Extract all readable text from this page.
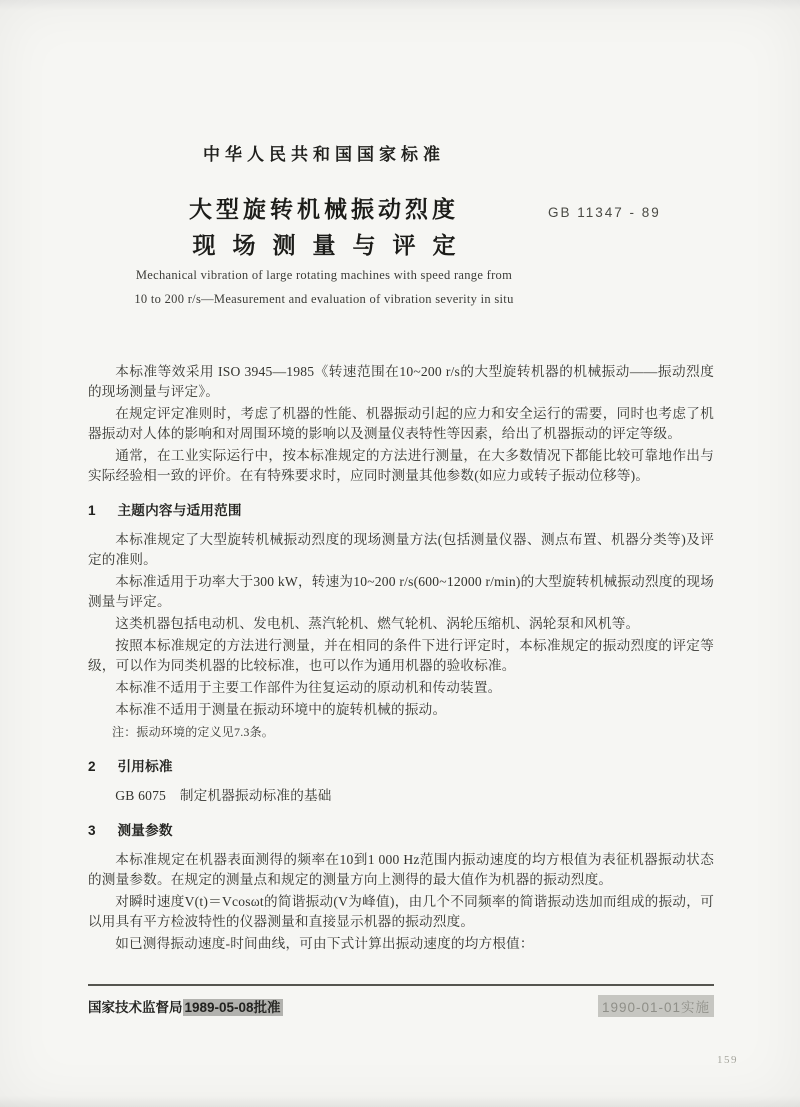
中华人民共和国国家标准
大型旋转机械振动烈度
现场测量与评定
Mechanical vibration of large rotating machines with speed range from
10 to 200 r/s—Measurement and evaluation of vibration severity in situ
GB 11347 - 89

本标准等效采用 ISO 3945—1985《转速范围在10~200 r/s的大型旋转机器的机械振动——振动烈度的现场测量与评定》。

在规定评定准则时，考虑了机器的性能、机器振动引起的应力和安全运行的需要，同时也考虑了机器振动对人体的影响和对周围环境的影响以及测量仪表特性等因素，给出了机器振动的评定等级。

通常，在工业实际运行中，按本标准规定的方法进行测量，在大多数情况下都能比较可靠地作出与实际经验相一致的评价。在有特殊要求时，应同时测量其他参数(如应力或转子振动位移等)。

1 主题内容与适用范围

本标准规定了大型旋转机械振动烈度的现场测量方法(包括测量仪器、测点布置、机器分类等)及评定的准则。

本标准适用于功率大于300 kW，转速为10~200 r/s(600~12000 r/min)的大型旋转机械振动烈度的现场测量与评定。

这类机器包括电动机、发电机、蒸汽轮机、燃气轮机、涡轮压缩机、涡轮泵和风机等。

按照本标准规定的方法进行测量，并在相同的条件下进行评定时，本标准规定的振动烈度的评定等级，可以作为同类机器的比较标准，也可以作为通用机器的验收标准。

本标准不适用于主要工作部件为往复运动的原动机和传动装置。

本标准不适用于测量在振动环境中的旋转机械的振动。

注：振动环境的定义见7.3条。

2 引用标准

GB 6075　制定机器振动标准的基础

3 测量参数

本标准规定在机器表面测得的频率在10到1 000 Hz范围内振动速度的均方根值为表征机器振动状态的测量参数。在规定的测量点和规定的测量方向上测得的最大值作为机器的振动烈度。

对瞬时速度V(t)＝Vcosωt的简谐振动(V为峰值)，由几个不同频率的简谐振动迭加而组成的振动，可以用具有平方检波特性的仪器测量和直接显示机器的振动烈度。

如已测得振动速度-时间曲线，可由下式计算出振动速度的均方根值：

国家技术监督局 1989-05-08批准	1990-01-01实施
159
